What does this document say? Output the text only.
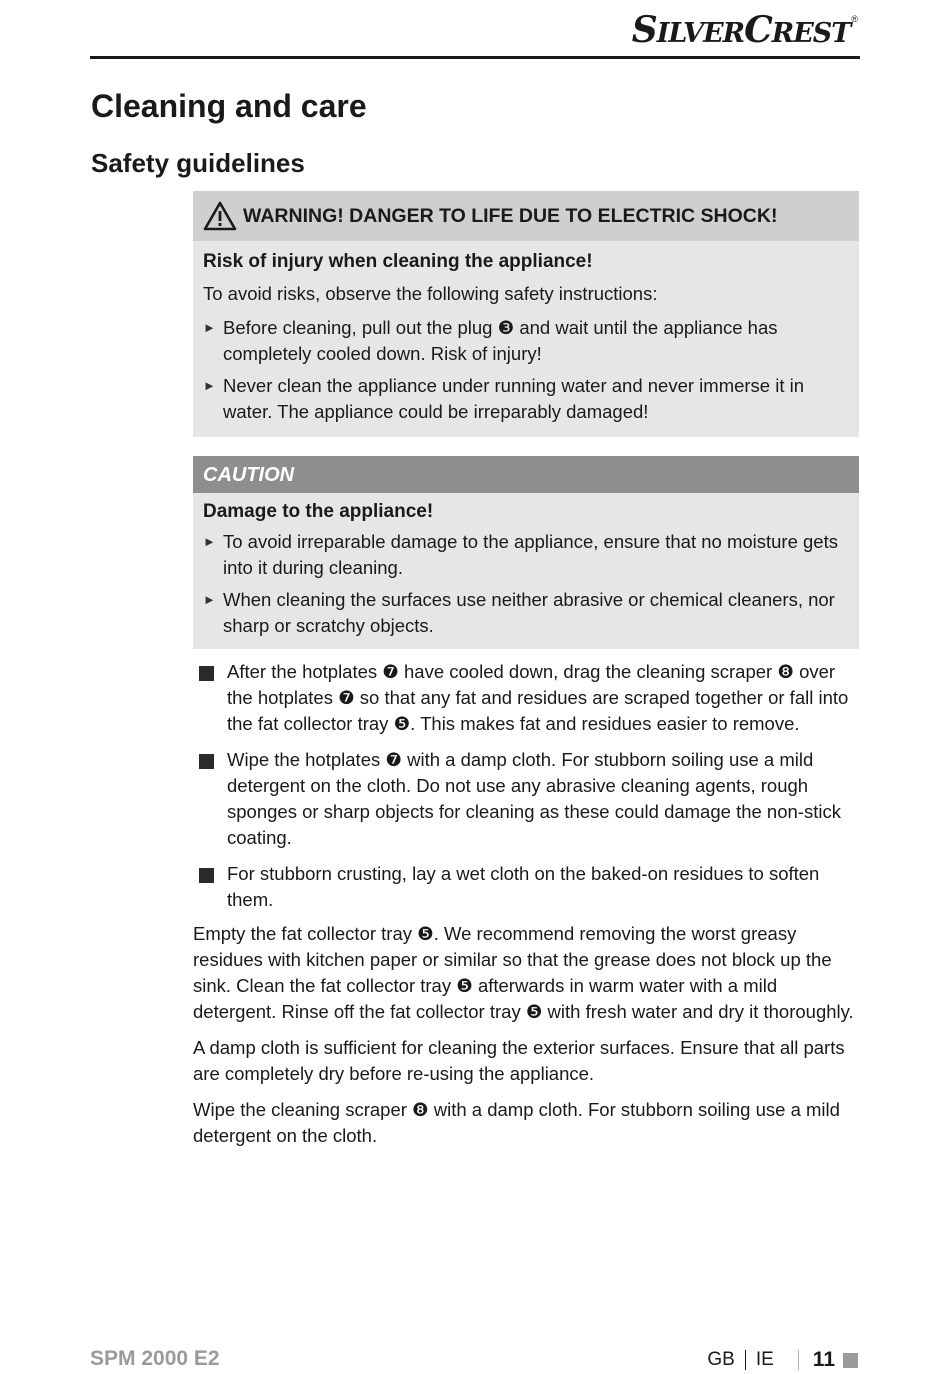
SILVERCREST ®
Cleaning and care
Safety guidelines
WARNING! DANGER TO LIFE DUE TO ELECTRIC SHOCK!
Risk of injury when cleaning the appliance!
To avoid risks, observe the following safety instructions:
► Before cleaning, pull out the plug ❸ and wait until the appliance has completely cooled down. Risk of injury!
► Never clean the appliance under running water and never immerse it in water. The appliance could be irreparably damaged!
CAUTION
Damage to the appliance!
► To avoid irreparable damage to the appliance, ensure that no moisture gets into it during cleaning.
► When cleaning the surfaces use neither abrasive or chemical cleaners, nor sharp or scratchy objects.
After the hotplates ❼ have cooled down, drag the cleaning scraper ❽ over the hotplates ❼ so that any fat and residues are scraped together or fall into the fat collector tray ❺. This makes fat and residues easier to remove.
Wipe the hotplates ❼ with a damp cloth. For stubborn soiling use a mild detergent on the cloth. Do not use any abrasive cleaning agents, rough sponges or sharp objects for cleaning as these could damage the non-stick coating.
For stubborn crusting, lay a wet cloth on the baked-on residues to soften them.

Empty the fat collector tray ❺. We recommend removing the worst greasy residues with kitchen paper or similar so that the grease does not block up the sink. Clean the fat collector tray ❺ afterwards in warm water with a mild detergent. Rinse off the fat collector tray ❺ with fresh water and dry it thoroughly.

A damp cloth is sufficient for cleaning the exterior surfaces. Ensure that all parts are completely dry before re-using the appliance.

Wipe the cleaning scraper ❽ with a damp cloth. For stubborn soiling use a mild detergent on the cloth.

SPM 2000 E2	GB IE 11
